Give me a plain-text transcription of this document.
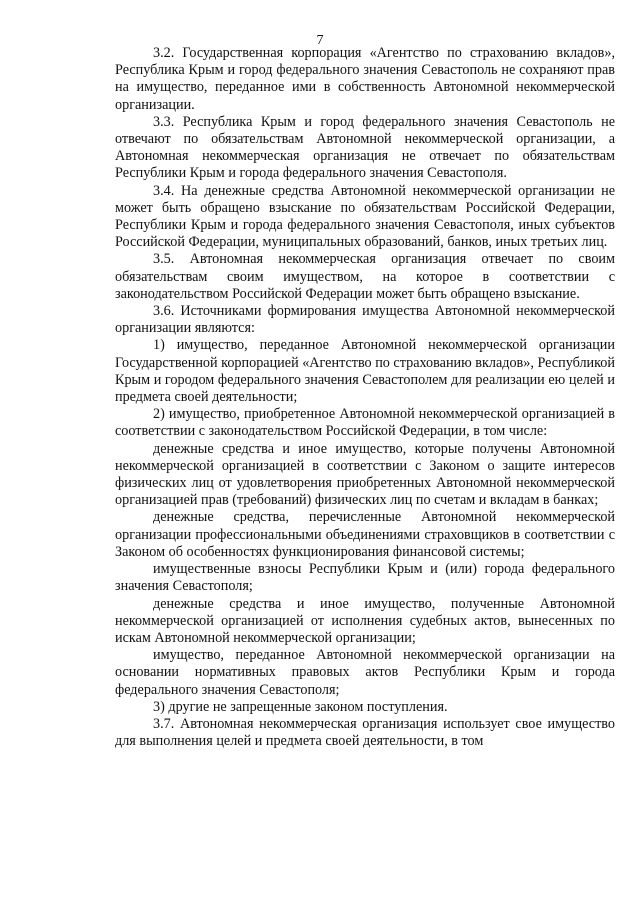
7

3.2. Государственная корпорация «Агентство по страхованию вкладов», Республика Крым и город федерального значения Севастополь не сохраняют прав на имущество, переданное ими в собственность Автономной некоммерческой организации.

3.3. Республика Крым и город федерального значения Севастополь не отвечают по обязательствам Автономной некоммерческой организации, а Автономная некоммерческая организация не отвечает по обязательствам Республики Крым и города федерального значения Севастополя.

3.4. На денежные средства Автономной некоммерческой организации не может быть обращено взыскание по обязательствам Российской Федерации, Республики Крым и города федерального значения Севастополя, иных субъектов Российской Федерации, муниципальных образований, банков, иных третьих лиц.

3.5. Автономная некоммерческая организация отвечает по своим обязательствам своим имуществом, на которое в соответствии с законодательством Российской Федерации может быть обращено взыскание.

3.6. Источниками формирования имущества Автономной некоммерческой организации являются:

1) имущество, переданное Автономной некоммерческой организации Государственной корпорацией «Агентство по страхованию вкладов», Республикой Крым и городом федерального значения Севастополем для реализации ею целей и предмета своей деятельности;

2) имущество, приобретенное Автономной некоммерческой организацией в соответствии с законодательством Российской Федерации, в том числе:

денежные средства и иное имущество, которые получены Автономной некоммерческой организацией в соответствии с Законом о защите интересов физических лиц от удовлетворения приобретенных Автономной некоммерческой организацией прав (требований) физических лиц по счетам и вкладам в банках;

денежные средства, перечисленные Автономной некоммерческой организации профессиональными объединениями страховщиков в соответствии с Законом об особенностях функционирования финансовой системы;

имущественные взносы Республики Крым и (или) города федерального значения Севастополя;

денежные средства и иное имущество, полученные Автономной некоммерческой организацией от исполнения судебных актов, вынесенных по искам Автономной некоммерческой организации;

имущество, переданное Автономной некоммерческой организации на основании нормативных правовых актов Республики Крым и города федерального значения Севастополя;

3) другие не запрещенные законом поступления.

3.7. Автономная некоммерческая организация использует свое имущество для выполнения целей и предмета своей деятельности, в том
